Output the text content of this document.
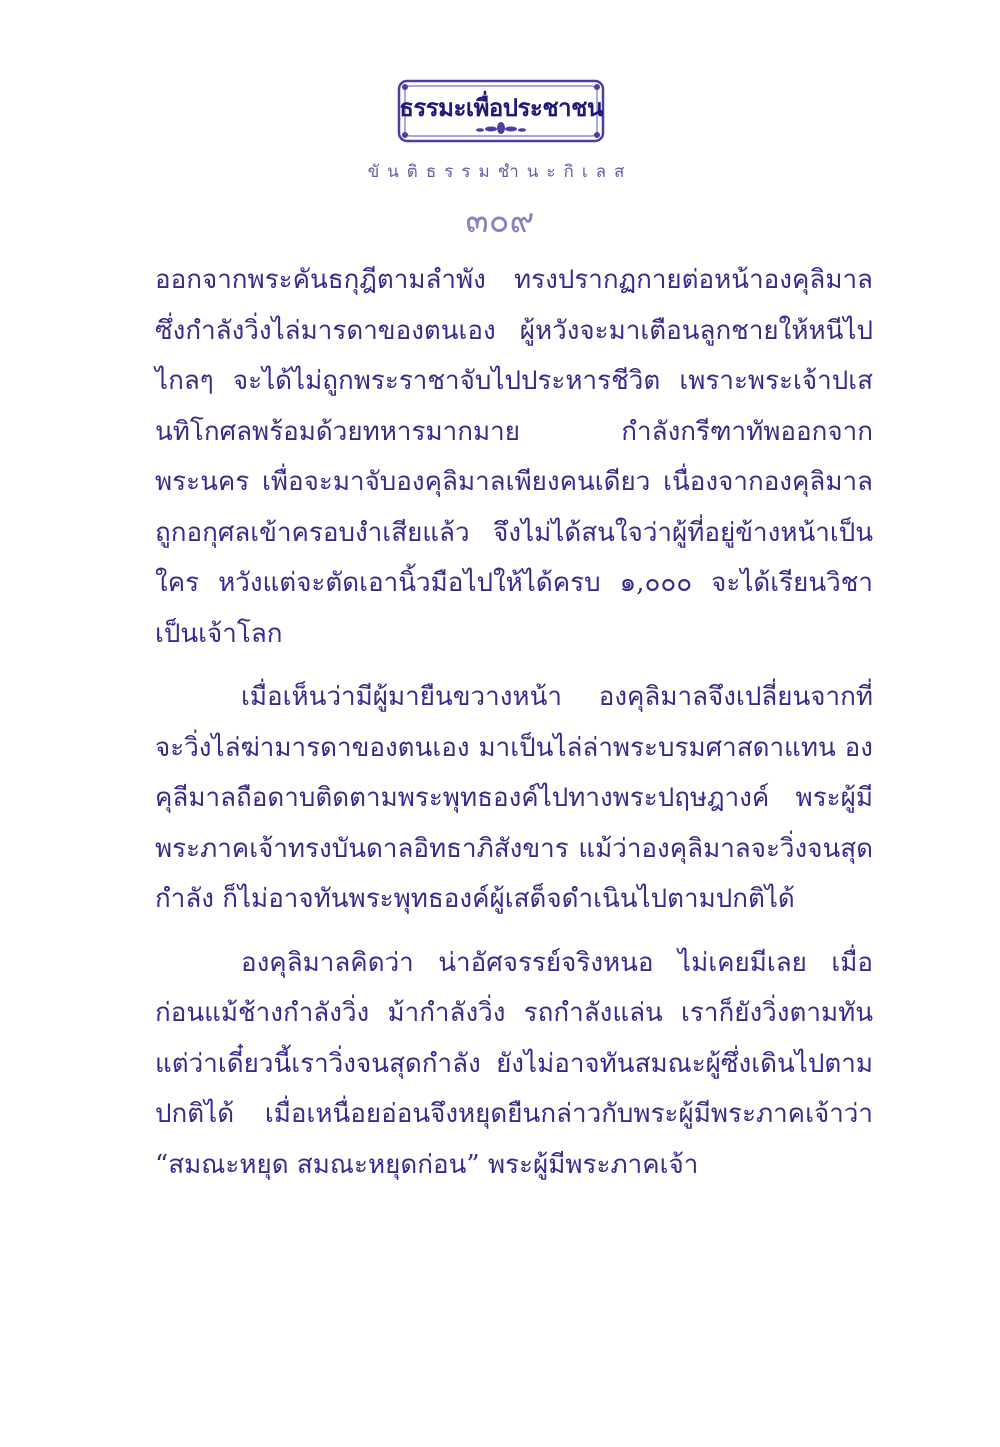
ธรรมะเพื่อประชาชน
ขันติธรรมชำนะกิเลส
๓๐๙

ออกจากพระคันธกุฎีตามลำพัง ทรงปรากฏกายต่อหน้าองคุลิมาล ซึ่งกำลังวิ่งไล่มารดาของตนเอง ผู้หวังจะมาเตือนลูกชายให้หนีไปไกลๆ จะได้ไม่ถูกพระราชาจับไปประหารชีวิต เพราะพระเจ้าปเสนทิโกศลพร้อมด้วยทหารมากมาย กำลังกรีฑาทัพออกจากพระนคร เพื่อจะมาจับองคุลิมาลเพียงคนเดียว เนื่องจากองคุลิมาลถูกอกุศลเข้าครอบงำเสียแล้ว จึงไม่ได้สนใจว่าผู้ที่อยู่ข้างหน้าเป็นใคร หวังแต่จะตัดเอานิ้วมือไปให้ได้ครบ ๑,๐๐๐ จะได้เรียนวิชาเป็นเจ้าโลก

เมื่อเห็นว่ามีผู้มายืนขวางหน้า องคุลิมาลจึงเปลี่ยนจากที่จะวิ่งไล่ฆ่ามารดาของตนเอง มาเป็นไล่ล่าพระบรมศาสดาแทน องคุลีมาลถือดาบติดตามพระพุทธองค์ไปทางพระปฤษฎางค์ พระผู้มีพระภาคเจ้าทรงบันดาลอิทธาภิสังขาร แม้ว่าองคุลิมาลจะวิ่งจนสุดกำลัง ก็ไม่อาจทันพระพุทธองค์ผู้เสด็จดำเนินไปตามปกติได้

องคุลิมาลคิดว่า น่าอัศจรรย์จริงหนอ ไม่เคยมีเลย เมื่อก่อนแม้ช้างกำลังวิ่ง ม้ากำลังวิ่ง รถกำลังแล่น เราก็ยังวิ่งตามทัน แต่ว่าเดี๋ยวนี้เราวิ่งจนสุดกำลัง ยังไม่อาจทันสมณะผู้ซึ่งเดินไปตามปกติได้ เมื่อเหนื่อยอ่อนจึงหยุดยืนกล่าวกับพระผู้มีพระภาคเจ้าว่า “สมณะหยุด สมณะหยุดก่อน” พระผู้มีพระภาคเจ้า
